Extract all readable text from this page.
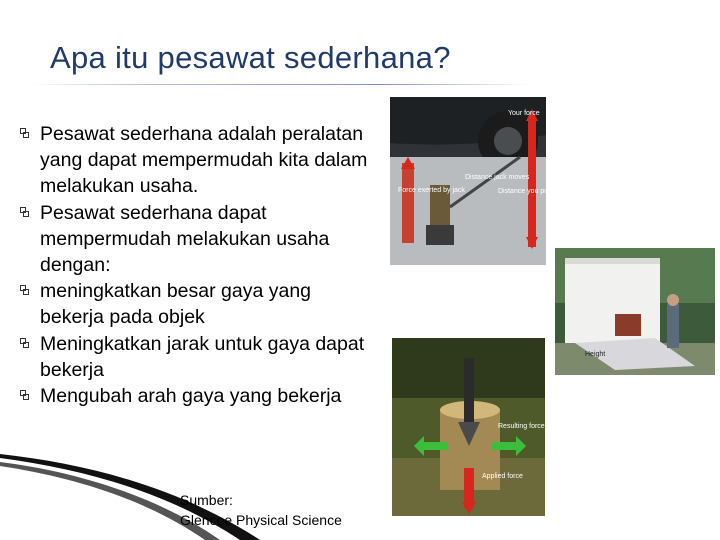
Apa itu pesawat sederhana?
Pesawat sederhana adalah peralatan yang dapat mempermudah kita dalam melakukan usaha.
Pesawat sederhana dapat mempermudah melakukan usaha dengan:
meningkatkan besar gaya yang bekerja pada objek
Meningkatkan jarak untuk gaya dapat bekerja
Mengubah arah gaya yang bekerja
Sumber:
Glencoe Physical Science
Force exerted by jack
Distance jack moves
Distance you push
Your force
Height
Resulting force
Applied force
